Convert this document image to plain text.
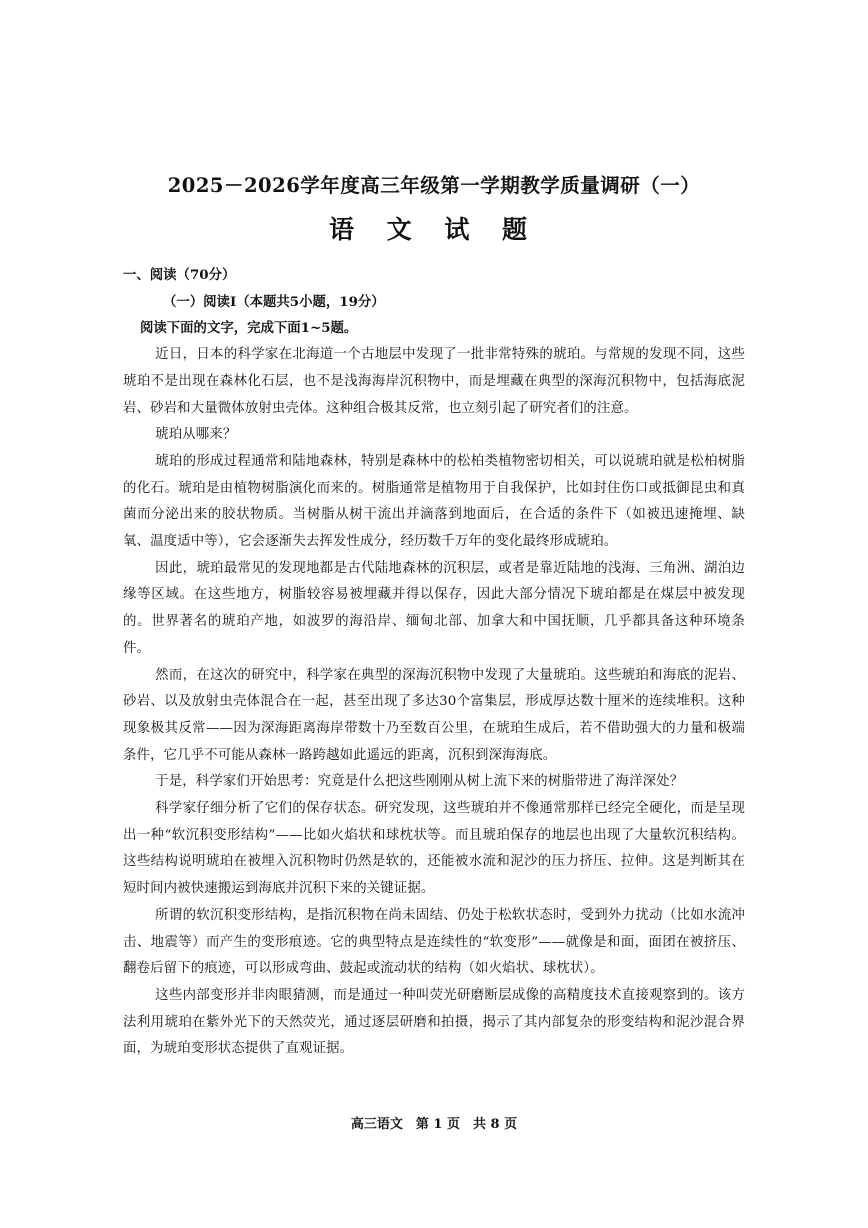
2025－2026学年度高三年级第一学期教学质量调研（一）
语 文 试 题

一、阅读（70分）

（一）阅读Ⅰ（本题共5小题，19分）

阅读下面的文字，完成下面1~5题。

近日，日本的科学家在北海道一个古地层中发现了一批非常特殊的琥珀。与常规的发现不同，这些琥珀不是出现在森林化石层，也不是浅海海岸沉积物中，而是埋藏在典型的深海沉积物中，包括海底泥岩、砂岩和大量微体放射虫壳体。这种组合极其反常，也立刻引起了研究者们的注意。

琥珀从哪来？

琥珀的形成过程通常和陆地森林，特别是森林中的松柏类植物密切相关，可以说琥珀就是松柏树脂的化石。琥珀是由植物树脂演化而来的。树脂通常是植物用于自我保护，比如封住伤口或抵御昆虫和真菌而分泌出来的胶状物质。当树脂从树干流出并滴落到地面后，在合适的条件下（如被迅速掩埋、缺氧、温度适中等），它会逐渐失去挥发性成分，经历数千万年的变化最终形成琥珀。

因此，琥珀最常见的发现地都是古代陆地森林的沉积层，或者是靠近陆地的浅海、三角洲、湖泊边缘等区域。在这些地方，树脂较容易被埋藏并得以保存，因此大部分情况下琥珀都是在煤层中被发现的。世界著名的琥珀产地，如波罗的海沿岸、缅甸北部、加拿大和中国抚顺，几乎都具备这种环境条件。

然而，在这次的研究中，科学家在典型的深海沉积物中发现了大量琥珀。这些琥珀和海底的泥岩、砂岩、以及放射虫壳体混合在一起，甚至出现了多达30个富集层，形成厚达数十厘米的连续堆积。这种现象极其反常——因为深海距离海岸带数十乃至数百公里，在琥珀生成后，若不借助强大的力量和极端条件，它几乎不可能从森林一路跨越如此遥远的距离，沉积到深海海底。

于是，科学家们开始思考：究竟是什么把这些刚刚从树上流下来的树脂带进了海洋深处？

科学家仔细分析了它们的保存状态。研究发现，这些琥珀并不像通常那样已经完全硬化，而是呈现出一种“软沉积变形结构”——比如火焰状和球枕状等。而且琥珀保存的地层也出现了大量软沉积结构。这些结构说明琥珀在被埋入沉积物时仍然是软的，还能被水流和泥沙的压力挤压、拉伸。这是判断其在短时间内被快速搬运到海底并沉积下来的关键证据。

所谓的软沉积变形结构，是指沉积物在尚未固结、仍处于松软状态时，受到外力扰动（比如水流冲击、地震等）而产生的变形痕迹。它的典型特点是连续性的“软变形”——就像是和面，面团在被挤压、翻卷后留下的痕迹，可以形成弯曲、鼓起或流动状的结构（如火焰状、球枕状）。

这些内部变形并非肉眼猜测，而是通过一种叫荧光研磨断层成像的高精度技术直接观察到的。该方法利用琥珀在紫外光下的天然荧光，通过逐层研磨和拍摄，揭示了其内部复杂的形变结构和泥沙混合界面，为琥珀变形状态提供了直观证据。

高三语文　第 1 页　共 8 页
